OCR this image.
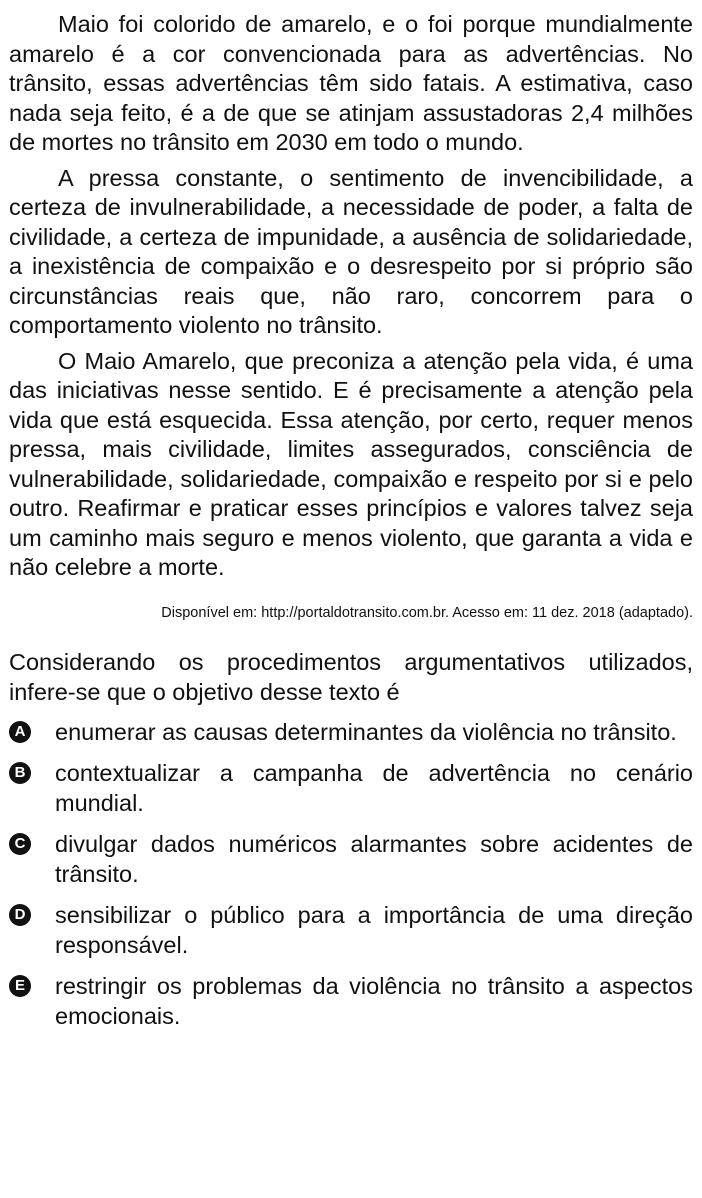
Maio foi colorido de amarelo, e o foi porque mundialmente amarelo é a cor convencionada para as advertências. No trânsito, essas advertências têm sido fatais. A estimativa, caso nada seja feito, é a de que se atinjam assustadoras 2,4 milhões de mortes no trânsito em 2030 em todo o mundo.

A pressa constante, o sentimento de invencibilidade, a certeza de invulnerabilidade, a necessidade de poder, a falta de civilidade, a certeza de impunidade, a ausência de solidariedade, a inexistência de compaixão e o desrespeito por si próprio são circunstâncias reais que, não raro, concorrem para o comportamento violento no trânsito.

O Maio Amarelo, que preconiza a atenção pela vida, é uma das iniciativas nesse sentido. E é precisamente a atenção pela vida que está esquecida. Essa atenção, por certo, requer menos pressa, mais civilidade, limites assegurados, consciência de vulnerabilidade, solidariedade, compaixão e respeito por si e pelo outro. Reafirmar e praticar esses princípios e valores talvez seja um caminho mais seguro e menos violento, que garanta a vida e não celebre a morte.

Disponível em: http://portaldotransito.com.br. Acesso em: 11 dez. 2018 (adaptado).
Considerando os procedimentos argumentativos utilizados, infere-se que o objetivo desse texto é
A enumerar as causas determinantes da violência no trânsito.
B contextualizar a campanha de advertência no cenário mundial.
C divulgar dados numéricos alarmantes sobre acidentes de trânsito.
D sensibilizar o público para a importância de uma direção responsável.
E restringir os problemas da violência no trânsito a aspectos emocionais.
